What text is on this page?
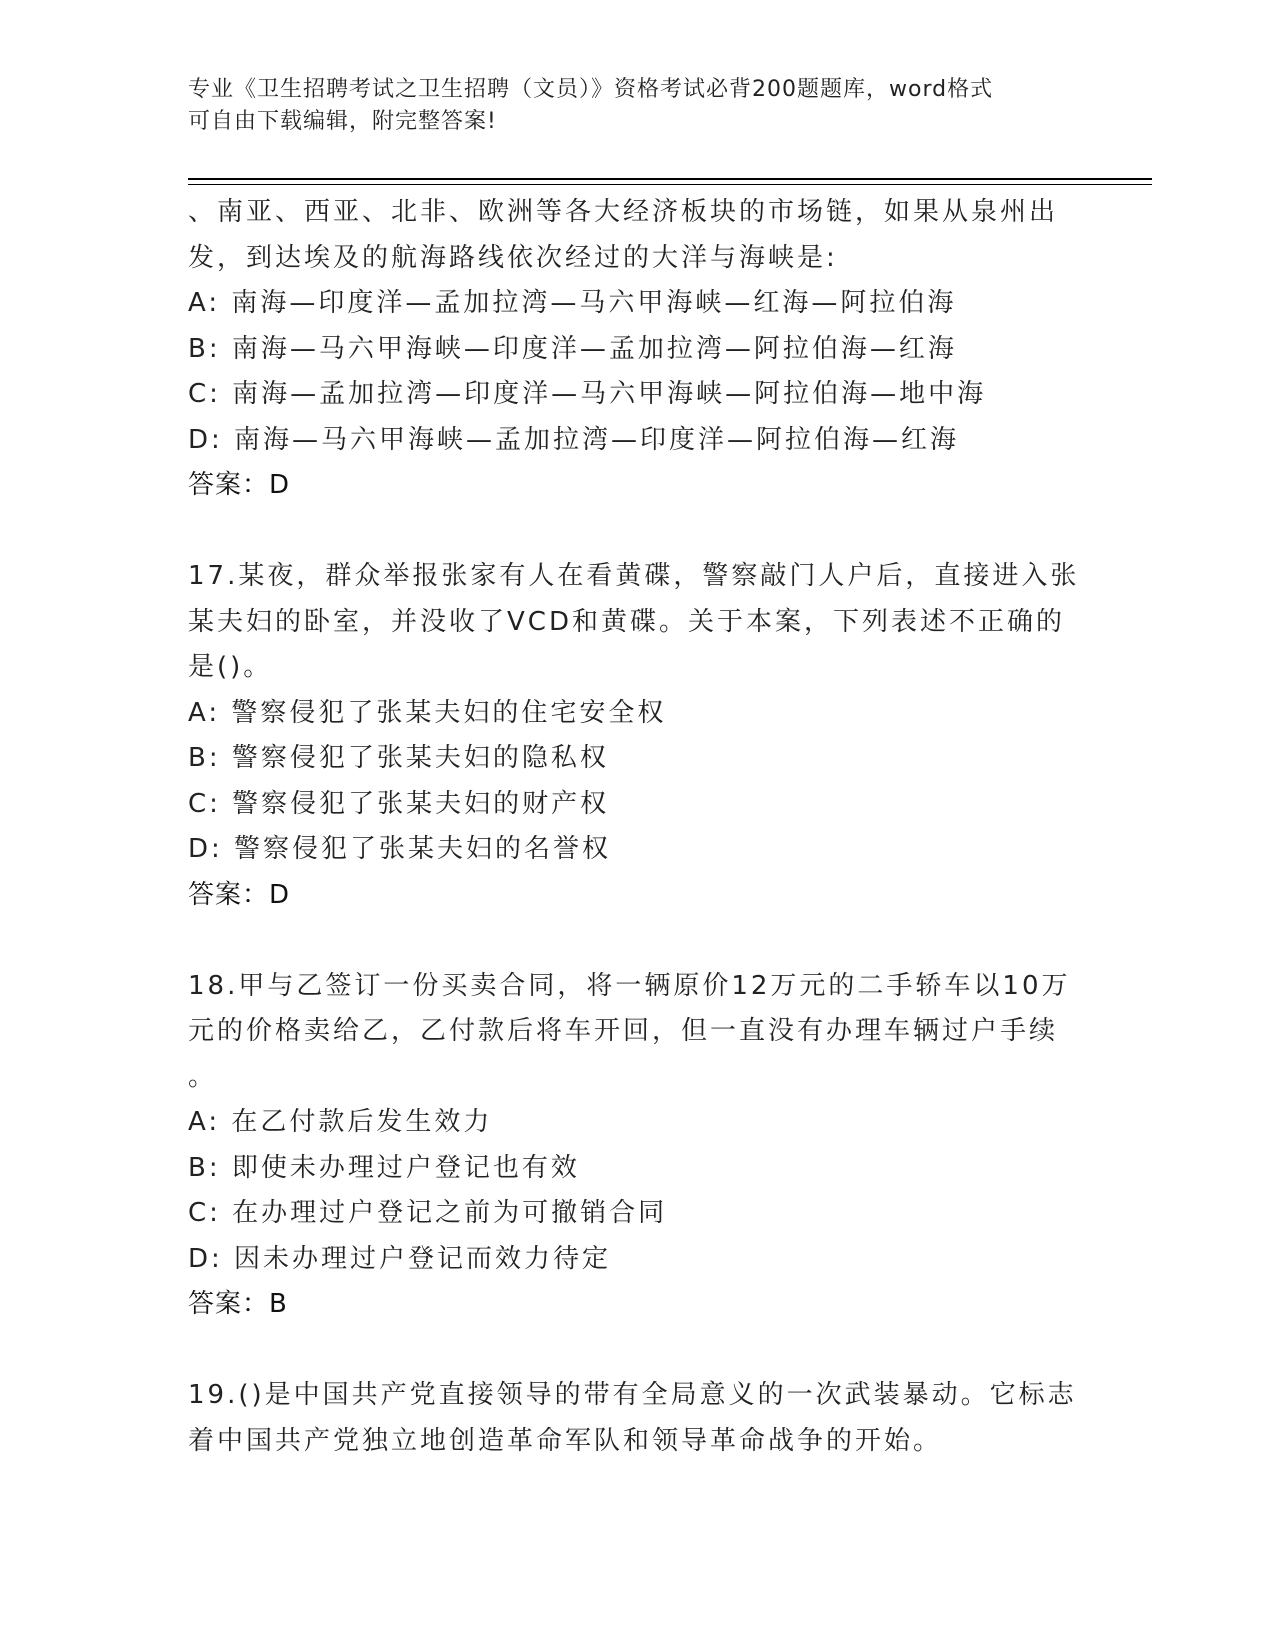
专业《卫生招聘考试之卫生招聘（文员）》资格考试必背200题题库，word格式
可自由下载编辑，附完整答案!
、南亚、西亚、北非、欧洲等各大经济板块的市场链，如果从泉州出
发，到达埃及的航海路线依次经过的大洋与海峡是:
A: 南海—印度洋—孟加拉湾—马六甲海峡—红海—阿拉伯海
B: 南海—马六甲海峡—印度洋—孟加拉湾—阿拉伯海—红海
C: 南海—孟加拉湾—印度洋—马六甲海峡—阿拉伯海—地中海
D: 南海—马六甲海峡—孟加拉湾—印度洋—阿拉伯海—红海
答案：D
17.某夜，群众举报张家有人在看黄碟，警察敲门人户后，直接进入张
某夫妇的卧室，并没收了VCD和黄碟。关于本案，下列表述不正确的
是()。
A: 警察侵犯了张某夫妇的住宅安全权
B: 警察侵犯了张某夫妇的隐私权
C: 警察侵犯了张某夫妇的财产权
D: 警察侵犯了张某夫妇的名誉权
答案：D
18.甲与乙签订一份买卖合同，将一辆原价12万元的二手轿车以10万
元的价格卖给乙，乙付款后将车开回，但一直没有办理车辆过户手续
。
A: 在乙付款后发生效力
B: 即使未办理过户登记也有效
C: 在办理过户登记之前为可撤销合同
D: 因未办理过户登记而效力待定
答案：B
19.()是中国共产党直接领导的带有全局意义的一次武装暴动。它标志
着中国共产党独立地创造革命军队和领导革命战争的开始。
